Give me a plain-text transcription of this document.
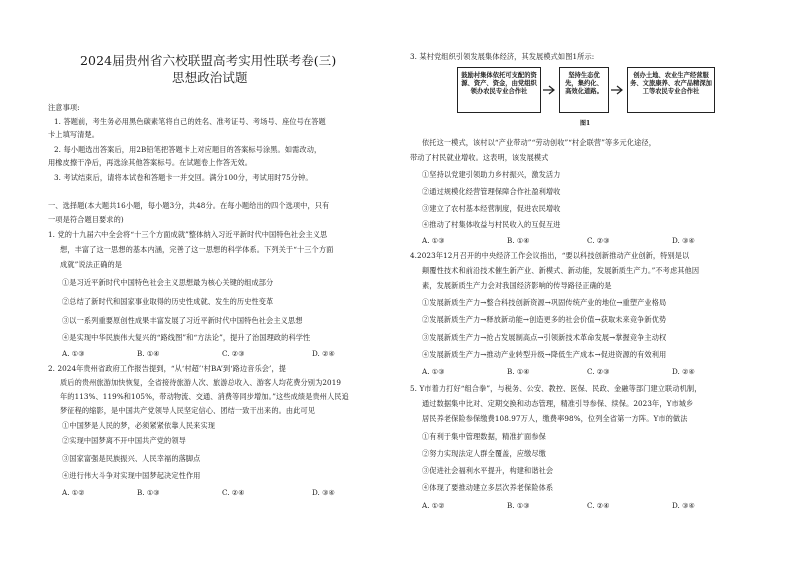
2024届贵州省六校联盟高考实用性联考卷(三)
思想政治试题
注意事项:
1. 答题前，考生务必用黑色碳素笔将自己的姓名、准考证号、考场号、座位号在答题
卡上填写清楚。
2. 每小题选出答案后，用2B铅笔把答题卡上对应题目的答案标号涂黑。如需改动，
用橡皮擦干净后，再选涂其他答案标号。在试题卷上作答无效。
3. 考试结束后，请将本试卷和答题卡一并交回。满分100分，考试用时75分钟。
一、选择题(本大题共16小题，每小题3分，共48分。在每小题给出的四个选项中，只有
一项是符合题目要求的)
1. 党的十九届六中全会将“十三个方面成就”整体纳入习近平新时代中国特色社会主义思
想，丰富了这一思想的基本内涵，完善了这一思想的科学体系。下列关于“十三个方面
成就”说法正确的是
①是习近平新时代中国特色社会主义思想最为核心关键的组成部分
②总结了新时代和国家事业取得的历史性成就、发生的历史性变革
③以一系列重要原创性成果丰富发展了习近平新时代中国特色社会主义思想
④是实现中华民族伟大复兴的“路线图”和“方法论”，提升了治国理政的科学性
A. ①③	B. ①④	C. ②③	D. ②④
2. 2024年贵州省政府工作报告提到，“从‘村超’‘村BA’到‘路边音乐会’，提
质后的贵州旅游加快恢复，全省接待旅游人次、旅游总收入、游客人均花费分别为2019
年的113%、119%和105%，带动物流、交通、消费等同步增加。”这些成绩是贵州人民追
梦征程的缩影，是中国共产党领导人民坚定信心、团结一致干出来的。由此可见
①中国梦是人民的梦，必须紧紧依靠人民来实现
②实现中国梦离不开中国共产党的领导
③国家富强是民族振兴、人民幸福的落脚点
④进行伟大斗争对实现中国梦起决定性作用
A. ①②	B. ①③	C. ②④	D. ③④
3. 某村党组织引领发展集体经济，其发展模式如图1所示:
鼓励村集体依托可支配的资源、资产、资金，由党组织领办农民专业合作社
坚持生态优先，集约化、高效化道路。
创办土地、农业生产经营服务、文旅康养、农产品精深加工等农民专业合作社
图1
依托这一模式，该村以“产业带动”“劳动创收”“村企联营”等多元化途径，
带动了村民就业增收。这表明，该发展模式
①坚持以党建引领助力乡村振兴，激发活力
②通过规模化经营管理保障合作社盈利增收
③建立了农村基本经营制度，促进农民增收
④推动了村集体收益与村民收入的互促互进
A. ①③	B. ①④	C. ②③	D. ③④
4.2023年12月召开的中央经济工作会议指出，“要以科技创新推动产业创新，特别是以
颠覆性技术和前沿技术催生新产业、新模式、新动能，发展新质生产力。”不考虑其他因
素，发展新质生产力会对我国经济影响的传导路径正确的是
①发展新质生产力→整合科技创新资源→巩固传统产业的地位→重塑产业格局
②发展新质生产力→释放新动能→创造更多的社会价值→获取未来竞争新优势
③发展新质生产力→抢占发展制高点→引领新技术革命发展→掌握竞争主动权
④发展新质生产力→推动产业转型升级→降低生产成本→促进资源的有效利用
A. ①③	B. ①④	C. ②③	D. ②④
5. Y市着力打好“组合拳”，与税务、公安、教控、医保、民政、金融等部门建立联动机制，
通过数据集中比对、定期交换和动态管理，精准引导参保、续保。2023年，Y市城乡
居民养老保险参保缴费108.97万人，缴费率98%，位列全省第一方阵。Y市的做法
①有利于集中管理数据，精准扩面参保
②努力实现法定人群全覆盖，应缴尽缴
③促进社会福利水平提升，构建和谐社会
④体现了要推动建立多层次养老保险体系
A. ①②	B. ①③	C. ②④	D. ③④
